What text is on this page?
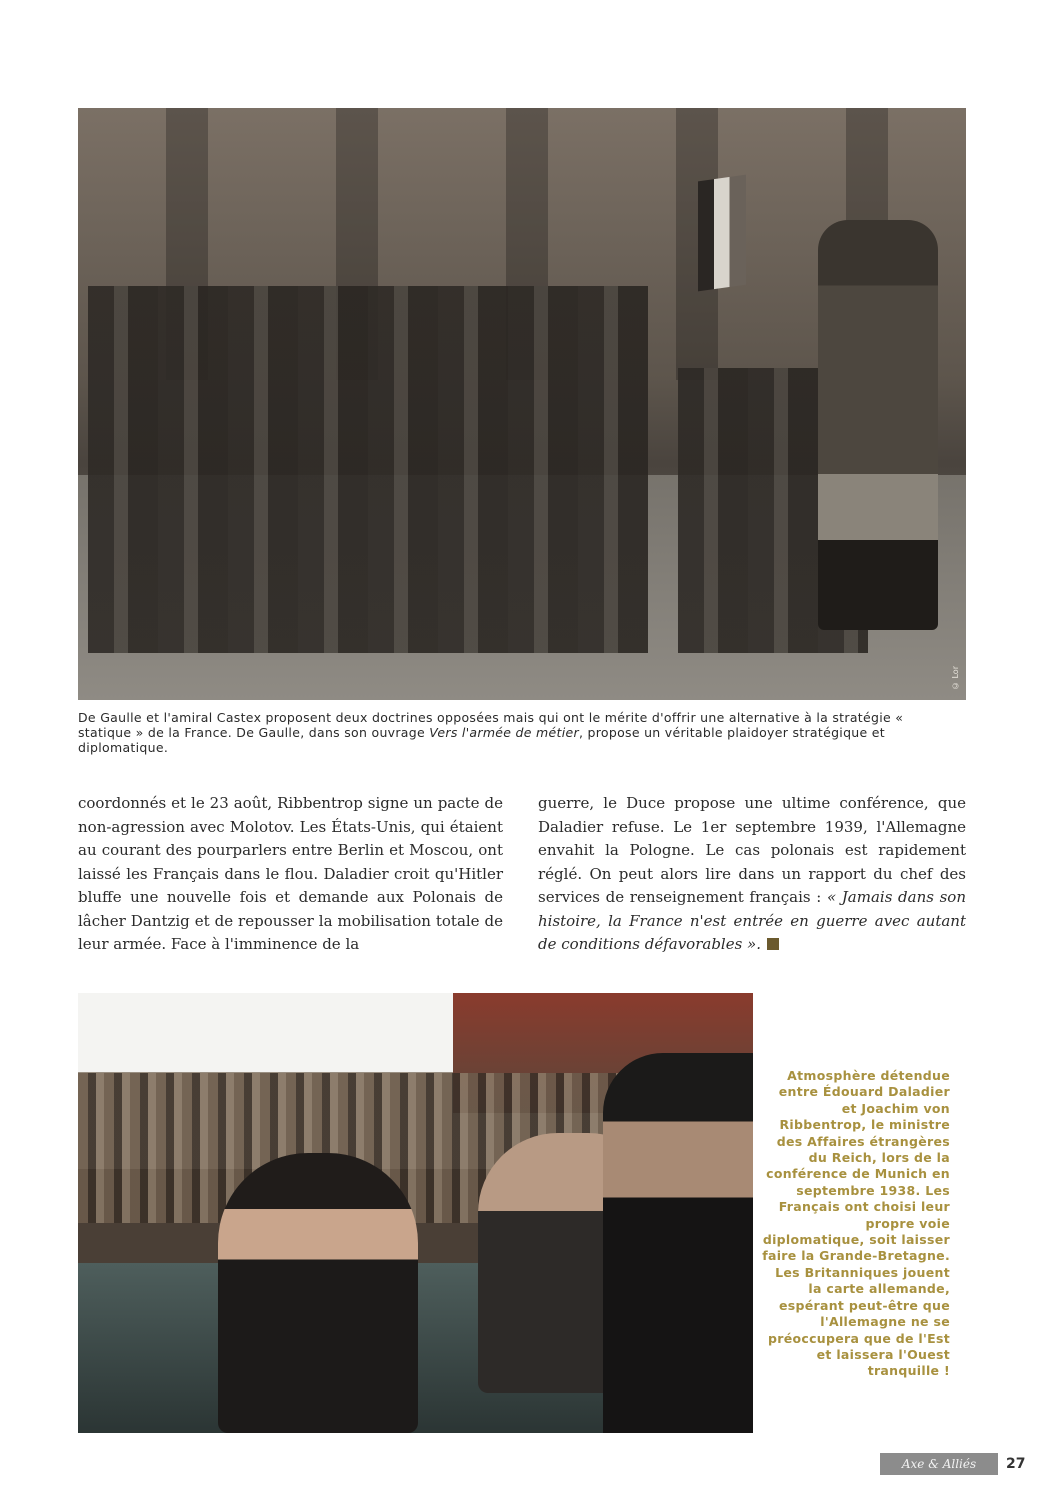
© Lor
De Gaulle et l'amiral Castex proposent deux doctrines opposées mais qui ont le mérite d'offrir une alternative à la stratégie « statique » de la France. De Gaulle, dans son ouvrage Vers l'armée de métier, propose un véritable plaidoyer stratégique et diplomatique.
coordonnés et le 23 août, Ribbentrop signe un pacte de non-agression avec Molotov. Les États-Unis, qui étaient au courant des pourparlers entre Berlin et Moscou, ont laissé les Français dans le flou. Daladier croit qu'Hitler bluffe une nouvelle fois et demande aux Polonais de lâcher Dantzig et de repousser la mobilisation totale de leur armée. Face à l'imminence de la
guerre, le Duce propose une ultime conférence, que Daladier refuse. Le 1er septembre 1939, l'Allemagne envahit la Pologne. Le cas polonais est rapidement réglé. On peut alors lire dans un rapport du chef des services de renseignement français : « Jamais dans son histoire, la France n'est entrée en guerre avec autant de conditions défavorables ».
Atmosphère détendue entre Édouard Daladier et Joachim von Ribbentrop, le ministre des Affaires étrangères du Reich, lors de la conférence de Munich en septembre 1938. Les Français ont choisi leur propre voie diplomatique, soit laisser faire la Grande-Bretagne. Les Britanniques jouent la carte allemande, espérant peut-être que l'Allemagne ne se préoccupera que de l'Est et laissera l'Ouest tranquille !
Axe & Alliés	27
